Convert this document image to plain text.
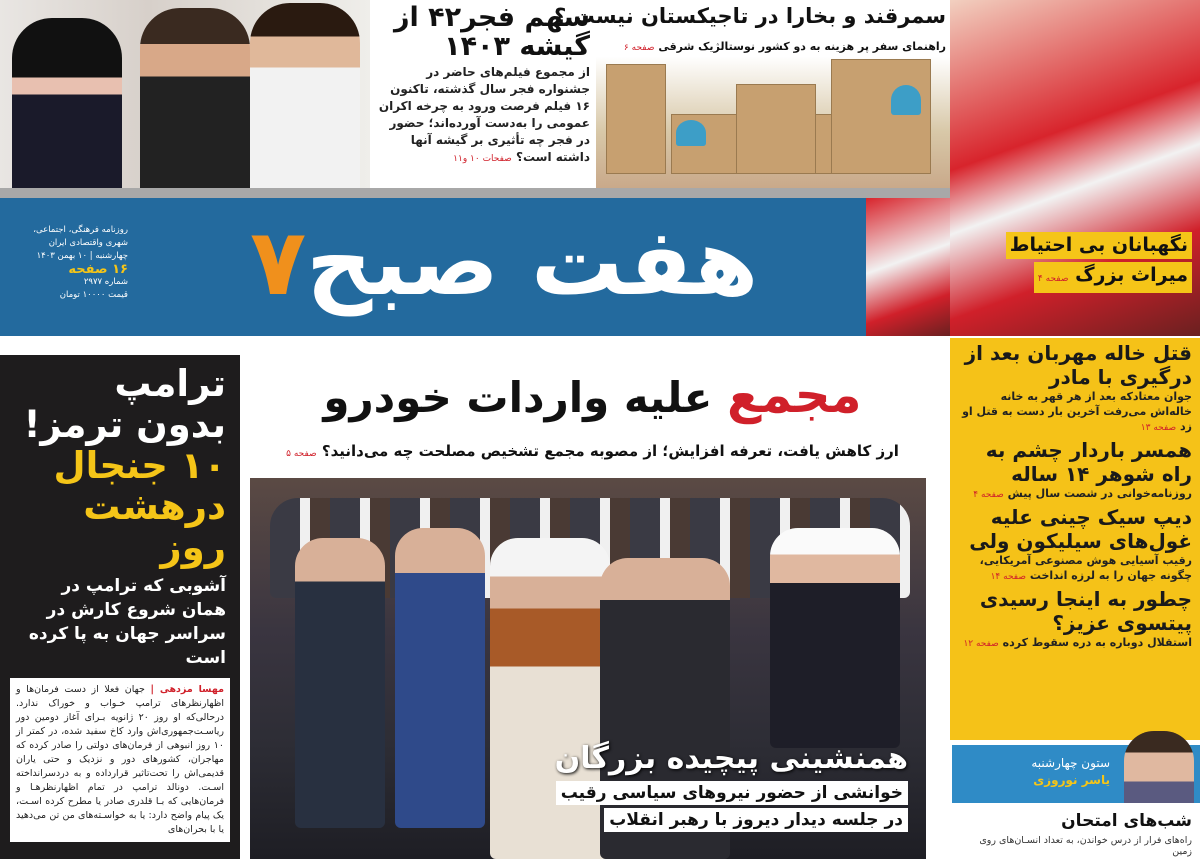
سهم فجر۴۲ از گیشه ۱۴۰۳

از مجموع فیلم‌های حاضر در جشنواره فجر سال گذشته، تاکنون ۱۶ فیلم فرصت ورود به چرخه اکران عمومی را به‌دست آورده‌اند؛ حضور در فجر چه تأثیری بر گیشه آنها داشته است؟ صفحات ۱۰ و۱۱

سمرقند و بخارا در تاجیکستان نیست ؟
راهنمای سفر پر هزینه به دو کشور نوستالژیک شرقی صفحه ۶
روزنامه فرهنگی، اجتماعی،
شهری واقتصادی ایران
چهارشنبه | ۱۰ بهمن ۱۴۰۳
۱۶ صفحه
شماره ۲۹۷۷
قیمت ۱۰۰۰۰ تومان	هفت صبح۷	نگهبانان بی احتیاط
میراث بزرگ صفحه ۴
ترامپ
بدون ترمز!
۱۰ جنجال
درهشت روز
آشوبی که ترامپ در همان شروع کارش در سراسر جهان به پا کرده است
مهسا مزدهی | جهان فعلا از دست فرمان‌ها و اظهارنظرهای ترامپ خـواب و خوراک ندارد. درحالی‌که او روز ۲۰ ژانویه بـرای آغاز دومین دور ریاسـت‌جمهوری‌اش وارد کاخ سفید شده، در کمتر از ۱۰ روز انبوهی از فرمان‌های دولتی را صادر کرده که مهاجران، کشورهای دور و نزدیک و حتی یاران قدیمی‌اش را تحت‌تاثیر قرارداده و به دردسرانداخته اسـت. دونالد ترامپ در تمام اظهارنظرهـا و فرمان‌هایی که بـا قلدری صادر یا مطرح کرده اسـت، یک پیام واضح دارد: یا به خواسـته‌های من تن می‌دهید یا با بحران‌های
مجمع علیه واردات خودرو
ارز کاهش یافت، تعرفه افزایش؛ از مصوبه مجمع تشخیص مصلحت چه می‌دانید؟ صفحه ۵
همنشینی پیچیده بزرگان
خوانشی از حضور نیروهای سیاسی رقیب
در جلسه دیدار دیروز با رهبر انقلاب
قتل خاله مهربان بعد از درگیری با مادر
جوان معتادکه بعد از هر قهر به خانه خاله‌اش می‌رفت آخرین بار دست به قتل او زد صفحه ۱۳
همسر باردار چشم به راه شوهر ۱۴ ساله
روزنامه‌خوانی در شصت سال پیش صفحه ۴
دیپ سیک چینی علیه غول‌های سیلیکون ولی
رقیب آسیایی هوش مصنوعی آمریکایی، چگونه جهان را به لرزه انداخت صفحه ۱۴
چطور به اینجا رسیدی پیتسوی عزیز؟
استقلال دوباره به دره سقوط کرده صفحه ۱۲
ستون چهارشنبه
یاسر نوروزی
شب‌های امتحان
راه‌های فرار از درس خواندن، به تعداد انسـان‌های روی زمین
